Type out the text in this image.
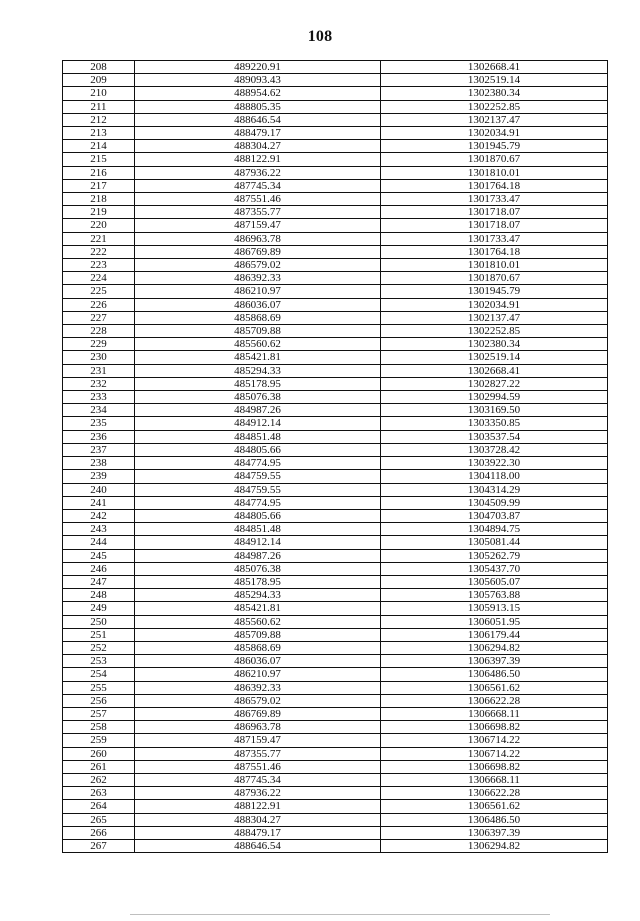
108
208	489220.91	1302668.41
209	489093.43	1302519.14
210	488954.62	1302380.34
211	488805.35	1302252.85
212	488646.54	1302137.47
213	488479.17	1302034.91
214	488304.27	1301945.79
215	488122.91	1301870.67
216	487936.22	1301810.01
217	487745.34	1301764.18
218	487551.46	1301733.47
219	487355.77	1301718.07
220	487159.47	1301718.07
221	486963.78	1301733.47
222	486769.89	1301764.18
223	486579.02	1301810.01
224	486392.33	1301870.67
225	486210.97	1301945.79
226	486036.07	1302034.91
227	485868.69	1302137.47
228	485709.88	1302252.85
229	485560.62	1302380.34
230	485421.81	1302519.14
231	485294.33	1302668.41
232	485178.95	1302827.22
233	485076.38	1302994.59
234	484987.26	1303169.50
235	484912.14	1303350.85
236	484851.48	1303537.54
237	484805.66	1303728.42
238	484774.95	1303922.30
239	484759.55	1304118.00
240	484759.55	1304314.29
241	484774.95	1304509.99
242	484805.66	1304703.87
243	484851.48	1304894.75
244	484912.14	1305081.44
245	484987.26	1305262.79
246	485076.38	1305437.70
247	485178.95	1305605.07
248	485294.33	1305763.88
249	485421.81	1305913.15
250	485560.62	1306051.95
251	485709.88	1306179.44
252	485868.69	1306294.82
253	486036.07	1306397.39
254	486210.97	1306486.50
255	486392.33	1306561.62
256	486579.02	1306622.28
257	486769.89	1306668.11
258	486963.78	1306698.82
259	487159.47	1306714.22
260	487355.77	1306714.22
261	487551.46	1306698.82
262	487745.34	1306668.11
263	487936.22	1306622.28
264	488122.91	1306561.62
265	488304.27	1306486.50
266	488479.17	1306397.39
267	488646.54	1306294.82
